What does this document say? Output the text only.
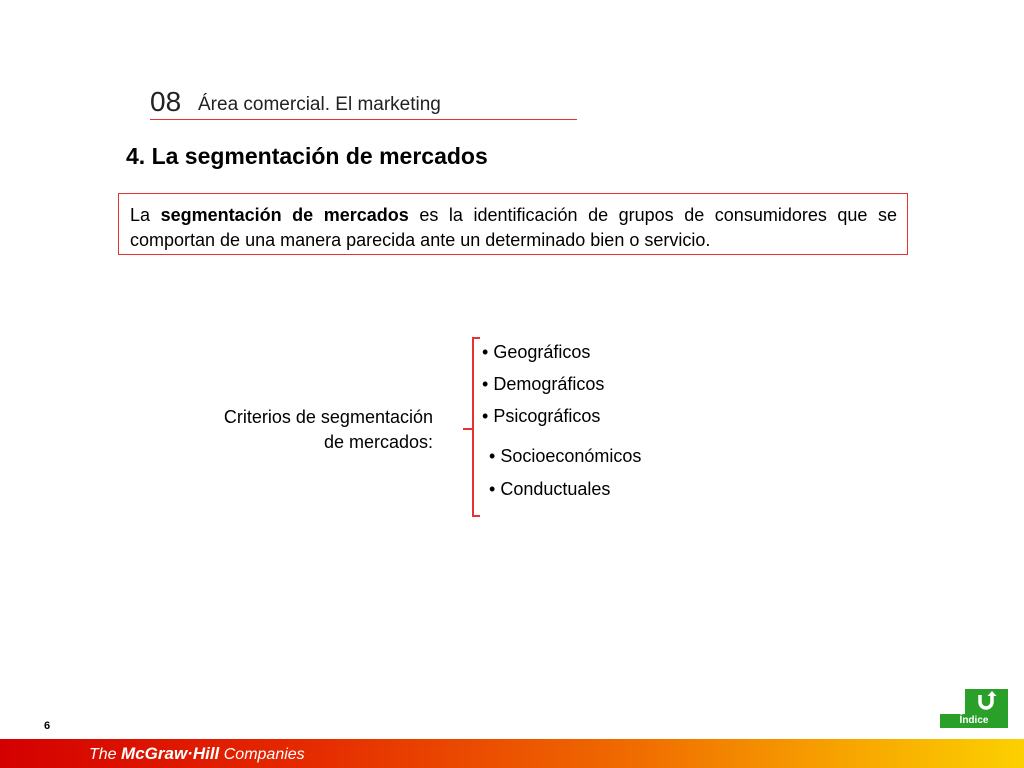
08 Área comercial. El marketing
4. La segmentación de mercados
La segmentación de mercados es la identificación de grupos de consumidores que se comportan de una manera parecida ante un determinado bien o servicio.
Criterios de segmentación
de mercados:
• Geográficos
• Demográficos
• Psicográficos
• Socioeconómicos
• Conductuales
6	Índice
The McGraw·Hill Companies
